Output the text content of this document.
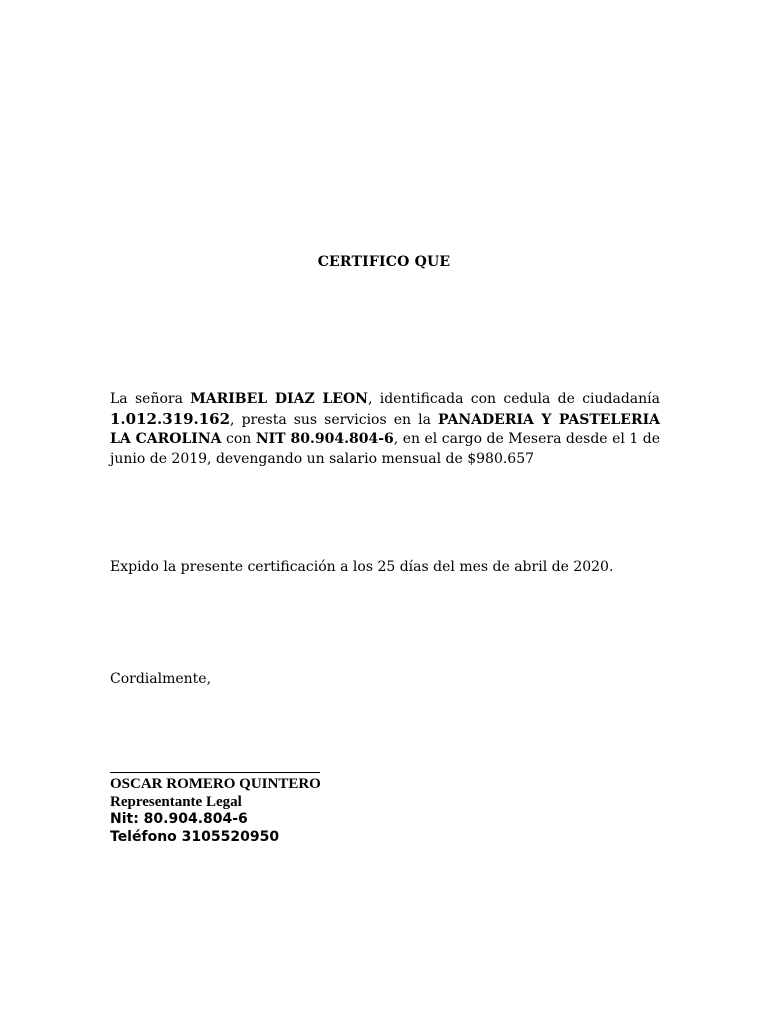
CERTIFICO QUE
La señora MARIBEL DIAZ LEON, identificada con cedula de ciudadanía 1.012.319.162, presta sus servicios en la PANADERIA Y PASTELERIA LA CAROLINA con NIT 80.904.804-6, en el cargo de Mesera desde el 1 de junio de 2019, devengando un salario mensual de $980.657
Expido la presente certificación a los 25 días del mes de abril de 2020.
Cordialmente,
OSCAR ROMERO QUINTERO
Representante Legal
Nit: 80.904.804-6
Teléfono 3105520950
